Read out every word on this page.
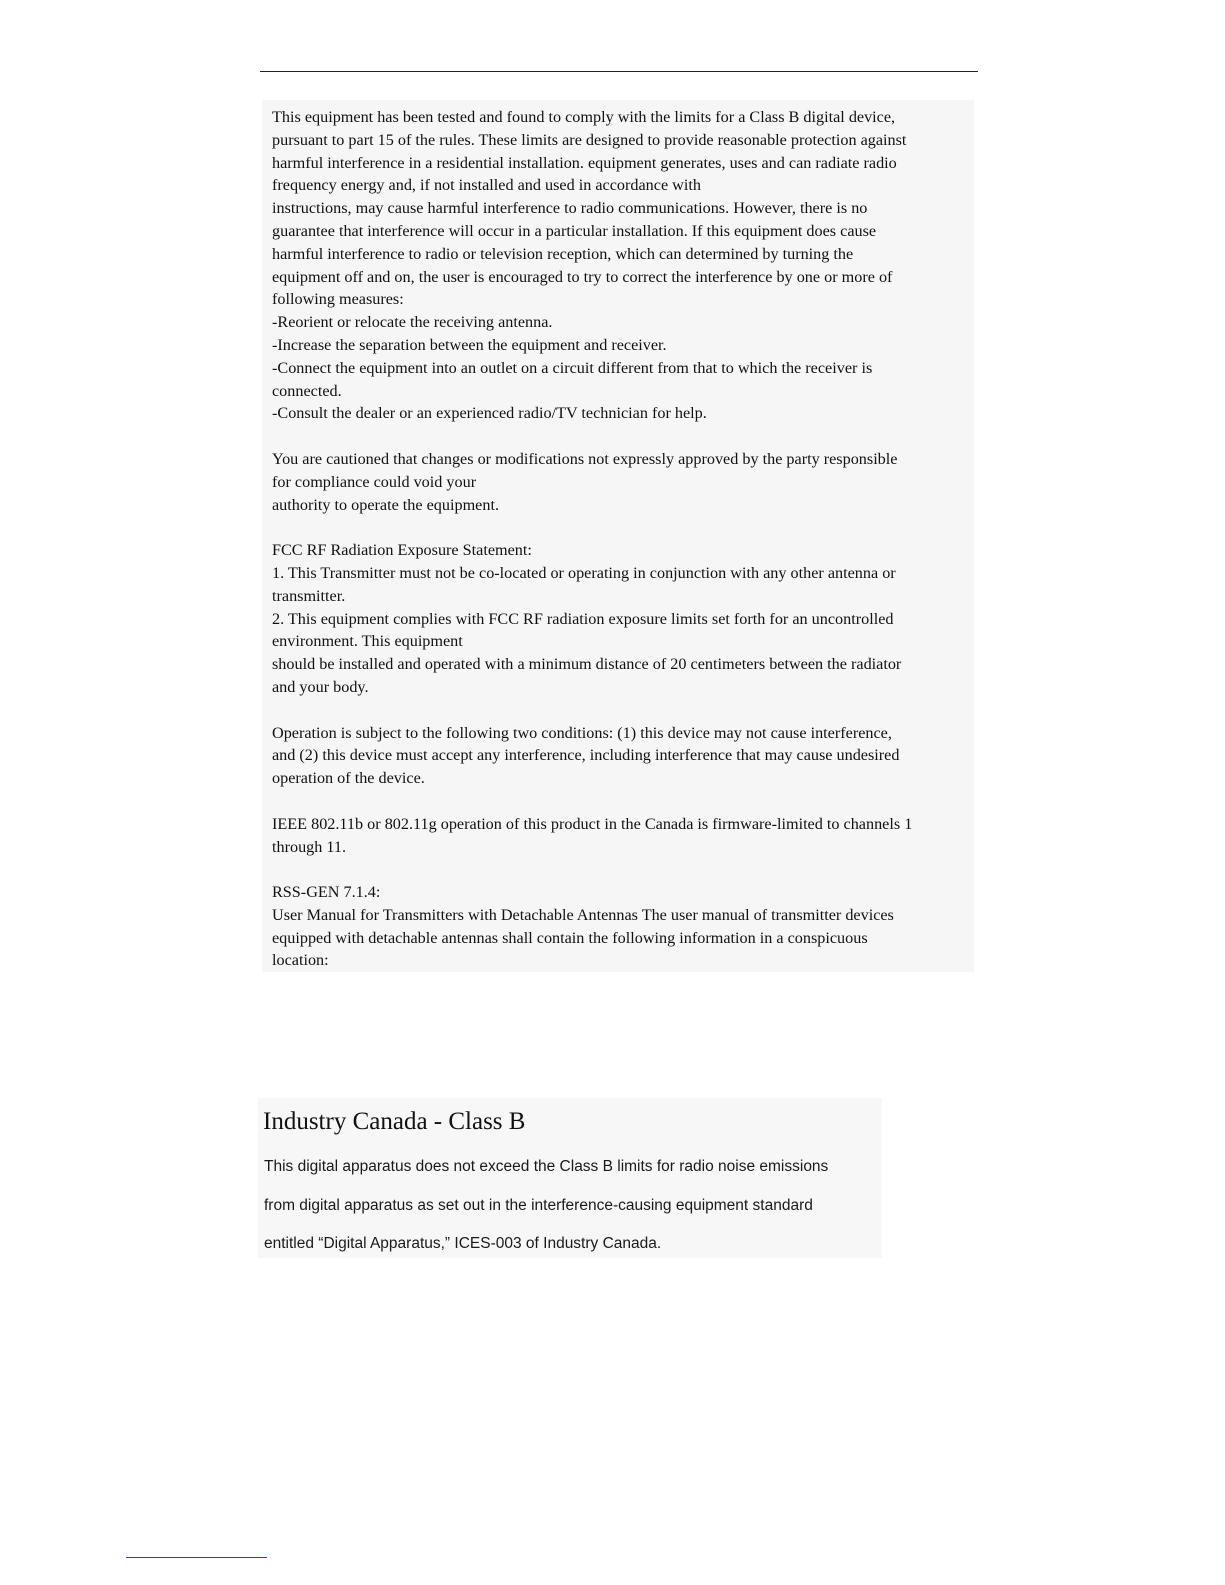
This equipment has been tested and found to comply with the limits for a Class B digital device,
pursuant to part 15 of the rules. These limits are designed to provide reasonable protection against
harmful interference in a residential installation. equipment generates, uses and can radiate radio
frequency energy and, if not installed and used in accordance with
instructions, may cause harmful interference to radio communications. However, there is no
guarantee that interference will occur in a particular installation. If this equipment does cause
harmful interference to radio or television reception, which can determined by turning the
equipment off and on, the user is encouraged to try to correct the interference by one or more of
following measures:
-Reorient or relocate the receiving antenna.
-Increase the separation between the equipment and receiver.
-Connect the equipment into an outlet on a circuit different from that to which the receiver is
connected.
-Consult the dealer or an experienced radio/TV technician for help.
You are cautioned that changes or modifications not expressly approved by the party responsible
for compliance could void your
authority to operate the equipment.
FCC RF Radiation Exposure Statement:
1. This Transmitter must not be co-located or operating in conjunction with any other antenna or
transmitter.
2. This equipment complies with FCC RF radiation exposure limits set forth for an uncontrolled
environment. This equipment
should be installed and operated with a minimum distance of 20 centimeters between the radiator
and your body.
Operation is subject to the following two conditions: (1) this device may not cause interference,
and (2) this device must accept any interference, including interference that may cause undesired
operation of the device.
IEEE 802.11b or 802.11g operation of this product in the Canada is firmware-limited to channels 1
through 11.
RSS-GEN 7.1.4:
User Manual for Transmitters with Detachable Antennas The user manual of transmitter devices
equipped with detachable antennas shall contain the following information in a conspicuous
location:
Industry Canada - Class B
This digital apparatus does not exceed the Class B limits for radio noise emissions
from digital apparatus as set out in the interference-causing equipment standard
entitled “Digital Apparatus,” ICES-003 of Industry Canada.
